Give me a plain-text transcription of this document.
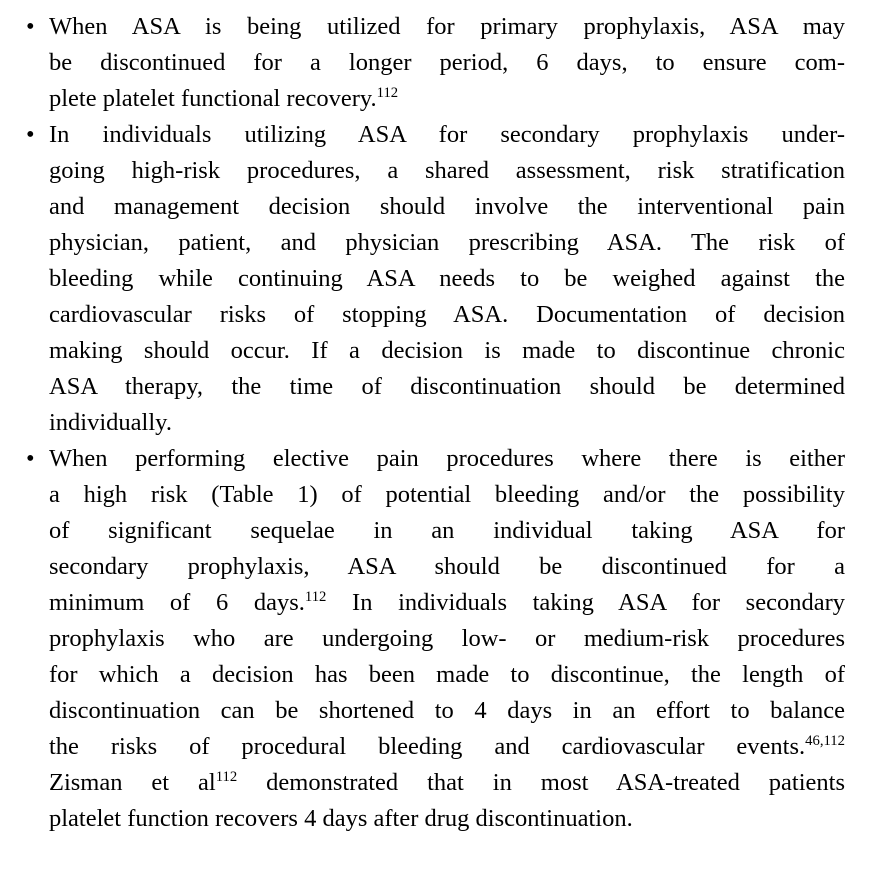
• When ASA is being utilized for primary prophylaxis, ASA may
be discontinued for a longer period, 6 days, to ensure com-
plete platelet functional recovery.$^{112}$
• In individuals utilizing ASA for secondary prophylaxis under-
going high-risk procedures, a shared assessment, risk stratification
and management decision should involve the interventional pain
physician, patient, and physician prescribing ASA. The risk of
bleeding while continuing ASA needs to be weighed against the
cardiovascular risks of stopping ASA. Documentation of decision
making should occur. If a decision is made to discontinue chronic
ASA therapy, the time of discontinuation should be determined
individually.
• When performing elective pain procedures where there is either
a high risk (Table 1) of potential bleeding and/or the possibility
of significant sequelae in an individual taking ASA for
secondary prophylaxis, ASA should be discontinued for a
minimum of 6 days.$^{112}$ In individuals taking ASA for secondary
prophylaxis who are undergoing low- or medium-risk procedures
for which a decision has been made to discontinue, the length of
discontinuation can be shortened to 4 days in an effort to balance
the risks of procedural bleeding and cardiovascular events.$^{46,112}$
Zisman et al$^{112}$ demonstrated that in most ASA-treated patients
platelet function recovers 4 days after drug discontinuation.
